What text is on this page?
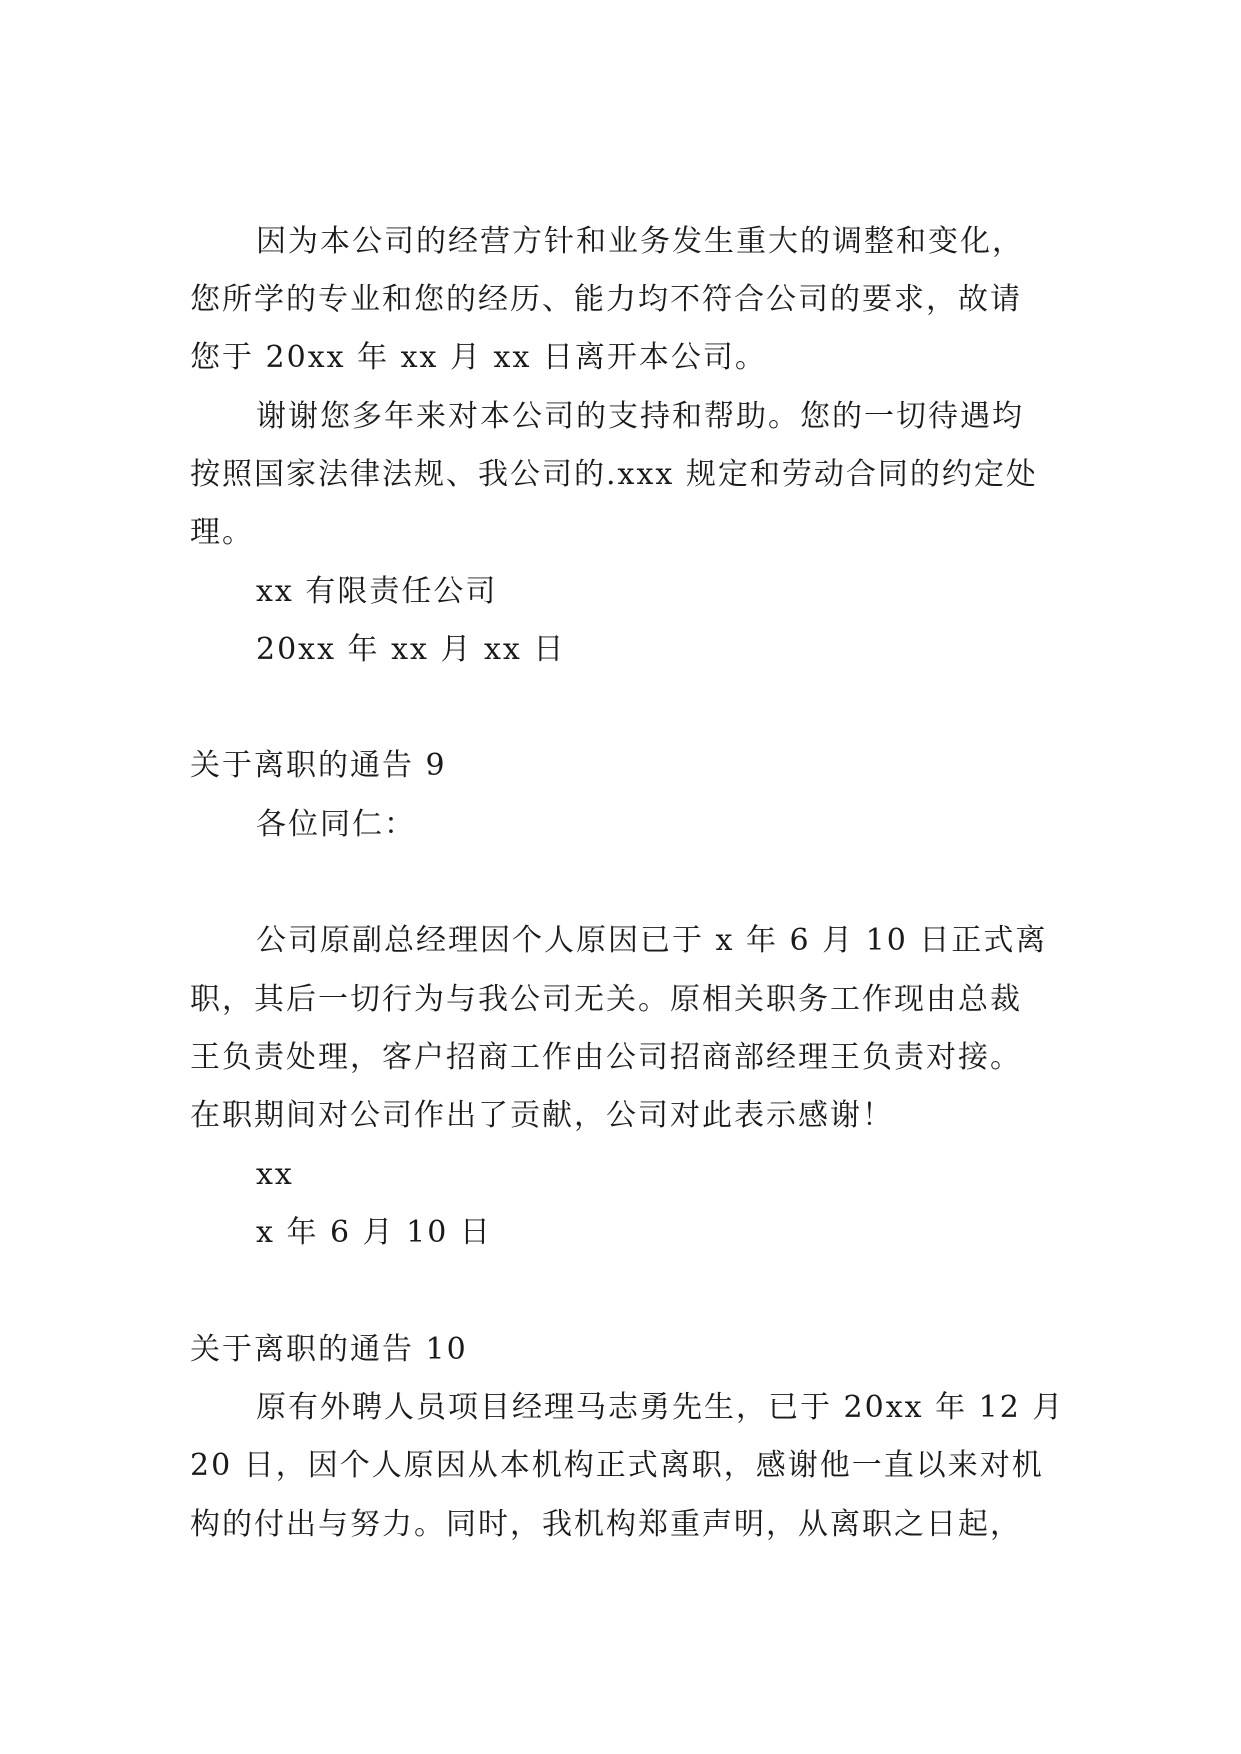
因为本公司的经营方针和业务发生重大的调整和变化，
您所学的专业和您的经历、能力均不符合公司的要求，故请
您于 20xx 年 xx 月 xx 日离开本公司。
谢谢您多年来对本公司的支持和帮助。您的一切待遇均
按照国家法律法规、我公司的.xxx 规定和劳动合同的约定处
理。
xx 有限责任公司
20xx 年 xx 月 xx 日
关于离职的通告 9
各位同仁：
公司原副总经理因个人原因已于 x 年 6 月 10 日正式离
职，其后一切行为与我公司无关。原相关职务工作现由总裁
王负责处理，客户招商工作由公司招商部经理王负责对接。
在职期间对公司作出了贡献，公司对此表示感谢！
xx
x 年 6 月 10 日
关于离职的通告 10
原有外聘人员项目经理马志勇先生，已于 20xx 年 12 月
20 日，因个人原因从本机构正式离职，感谢他一直以来对机
构的付出与努力。同时，我机构郑重声明，从离职之日起，
